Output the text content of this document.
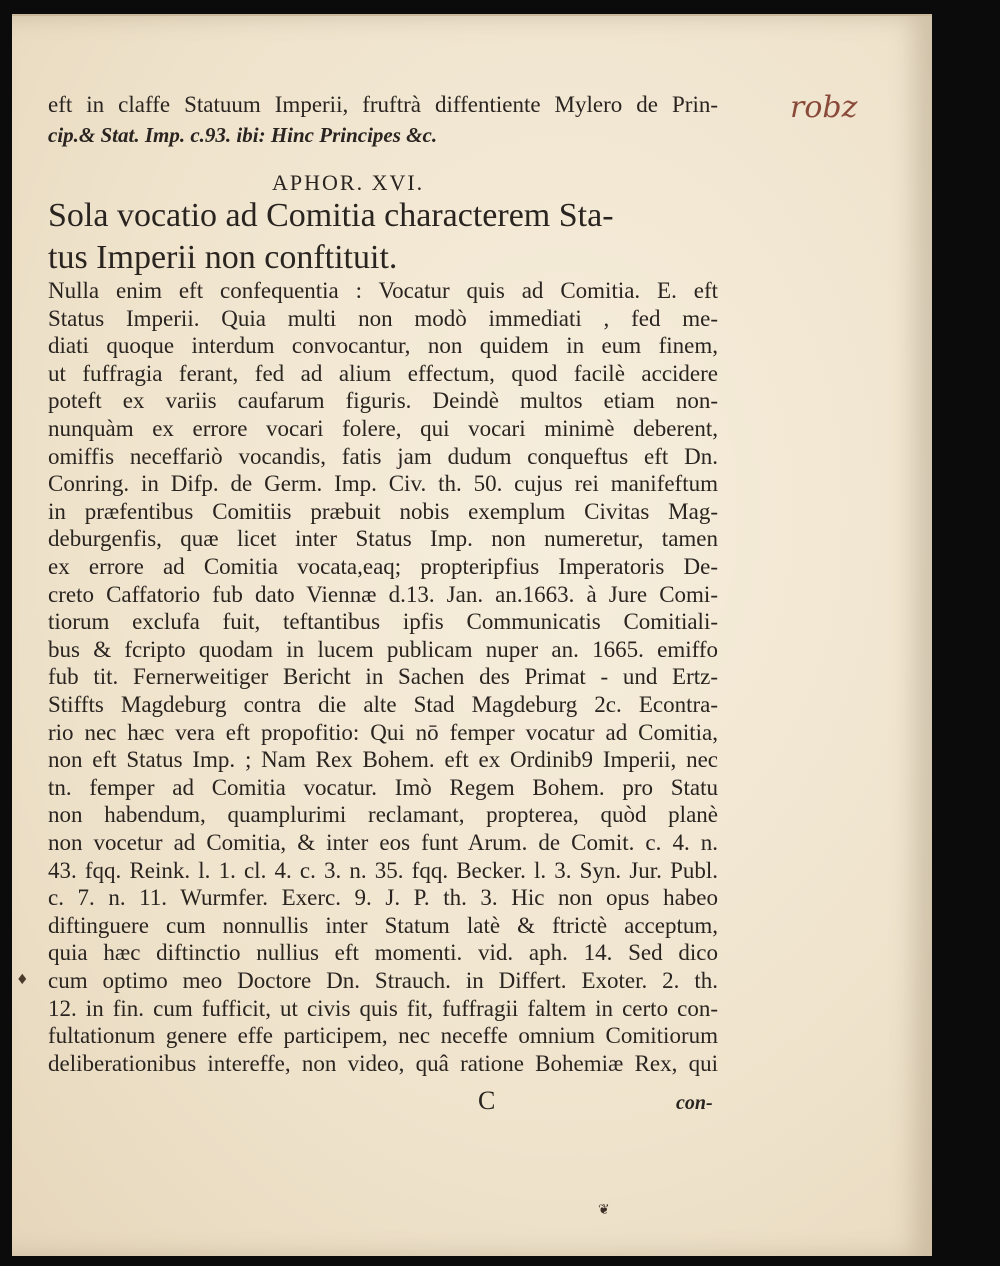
robz
eft in claffe Statuum Imperii, fruftrà diffentiente Mylero de Prin-
cip.& Stat. Imp. c.93. ibi: Hinc Principes &c.
APHOR. XVI.
Sola vocatio ad Comitia characterem Sta-
tus Imperii non conftituit.
Nulla enim eft confequentia : Vocatur quis ad Comitia. E. eft
Status Imperii. Quia multi non modò immediati , fed me-
diati quoque interdum convocantur, non quidem in eum finem,
ut fuffragia ferant, fed ad alium effectum, quod facilè accidere
poteft ex variis caufarum figuris. Deindè multos etiam non-
nunquàm ex errore vocari folere, qui vocari minimè deberent,
omiffis neceffariò vocandis, fatis jam dudum conqueftus eft Dn.
Conring. in Difp. de Germ. Imp. Civ. th. 50. cujus rei manifeftum
in præfentibus Comitiis præbuit nobis exemplum Civitas Mag-
deburgenfis, quæ licet inter Status Imp. non numeretur, tamen
ex errore ad Comitia vocata,eaq; propteripfius Imperatoris De-
creto Caffatorio fub dato Viennæ d.13. Jan. an.1663. à Jure Comi-
tiorum exclufa fuit, teftantibus ipfis Communicatis Comitiali-
bus & fcripto quodam in lucem publicam nuper an. 1665. emiffo
fub tit. Fernerweitiger Bericht in Sachen des Primat - und Ertz-
Stiffts Magdeburg contra die alte Stad Magdeburg 2c. Econtra-
rio nec hæc vera eft propofitio: Qui nō femper vocatur ad Comitia,
non eft Status Imp. ; Nam Rex Bohem. eft ex Ordinib9 Imperii, nec
tn. femper ad Comitia vocatur. Imò Regem Bohem. pro Statu
non habendum, quamplurimi reclamant, propterea, quòd planè
non vocetur ad Comitia, & inter eos funt Arum. de Comit. c. 4. n.
43. fqq. Reink. l. 1. cl. 4. c. 3. n. 35. fqq. Becker. l. 3. Syn. Jur. Publ.
c. 7. n. 11. Wurmfer. Exerc. 9. J. P. th. 3. Hic non opus habeo
diftinguere cum nonnullis inter Statum latè & ftrictè acceptum,
quia hæc diftinctio nullius eft momenti. vid. aph. 14. Sed dico
cum optimo meo Doctore Dn. Strauch. in Differt. Exoter. 2. th.
12. in fin. cum fufficit, ut civis quis fit, fuffragii faltem in certo con-
fultationum genere effe participem, nec neceffe omnium Comitiorum
deliberationibus intereffe, non video, quâ ratione Bohemiæ Rex, qui
C	con-
❦
♦
